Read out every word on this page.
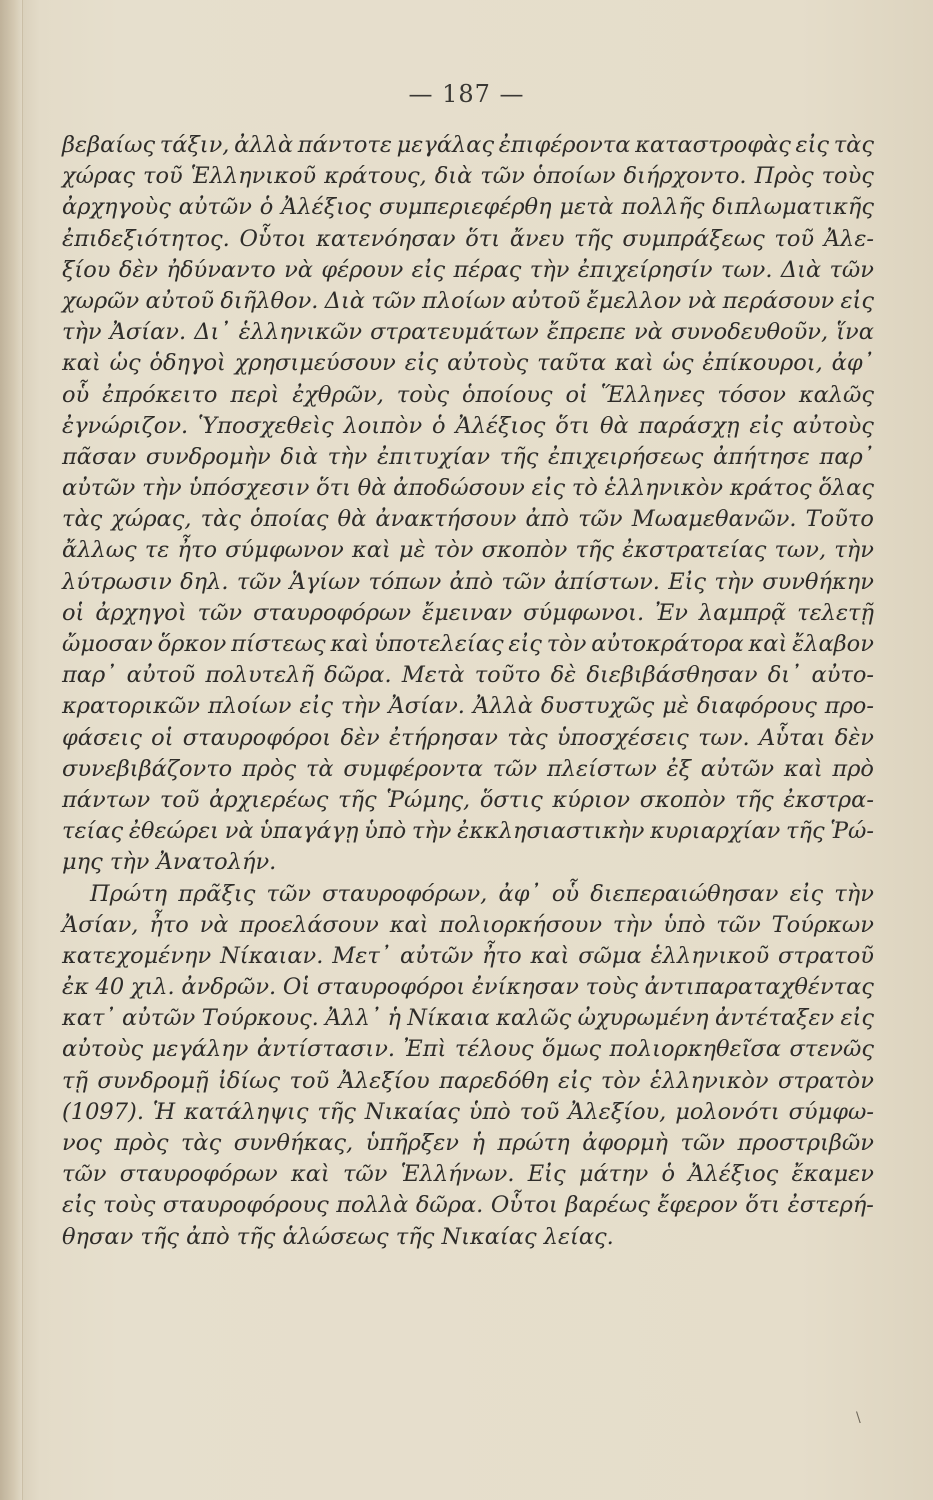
— 187 —
βεβαίως τάξιν, ἀλλὰ πάντοτε μεγάλας ἐπιφέροντα καταστροφὰς εἰς τὰς
χώρας τοῦ Ἑλληνικοῦ κράτους, διὰ τῶν ὁποίων διήρχοντο. Πρὸς τοὺς
ἀρχηγοὺς αὐτῶν ὁ Ἀλέξιος συμπεριεφέρθη μετὰ πολλῆς διπλωματικῆς
ἐπιδεξιότητος. Οὗτοι κατενόησαν ὅτι ἄνευ τῆς συμπράξεως τοῦ Ἀλε-
ξίου δὲν ἠδύναντο νὰ φέρουν εἰς πέρας τὴν ἐπιχείρησίν των. Διὰ τῶν
χωρῶν αὐτοῦ διῆλθον. Διὰ τῶν πλοίων αὐτοῦ ἔμελλον νὰ περάσουν εἰς
τὴν Ἀσίαν. Δι᾿ ἑλληνικῶν στρατευμάτων ἔπρεπε νὰ συνοδευθοῦν, ἵνα
καὶ ὡς ὁδηγοὶ χρησιμεύσουν εἰς αὐτοὺς ταῦτα καὶ ὡς ἐπίκουροι, ἀφ᾿
οὗ ἐπρόκειτο περὶ ἐχθρῶν, τοὺς ὁποίους οἱ Ἕλληνες τόσον καλῶς
ἐγνώριζον. Ὑποσχεθεὶς λοιπὸν ὁ Ἀλέξιος ὅτι θὰ παράσχῃ εἰς αὐτοὺς
πᾶσαν συνδρομὴν διὰ τὴν ἐπιτυχίαν τῆς ἐπιχειρήσεως ἀπήτησε παρ᾿
αὐτῶν τὴν ὑπόσχεσιν ὅτι θὰ ἀποδώσουν εἰς τὸ ἑλληνικὸν κράτος ὅλας
τὰς χώρας, τὰς ὁποίας θὰ ἀνακτήσουν ἀπὸ τῶν Μωαμεθανῶν. Τοῦτο
ἄλλως τε ἦτο σύμφωνον καὶ μὲ τὸν σκοπὸν τῆς ἐκστρατείας των, τὴν
λύτρωσιν δηλ. τῶν Ἁγίων τόπων ἀπὸ τῶν ἀπίστων. Εἰς τὴν συνθήκην
οἱ ἀρχηγοὶ τῶν σταυροφόρων ἔμειναν σύμφωνοι. Ἐν λαμπρᾷ τελετῇ
ὤμοσαν ὅρκον πίστεως καὶ ὑποτελείας εἰς τὸν αὐτοκράτορα καὶ ἔλαβον
παρ᾿ αὐτοῦ πολυτελῆ δῶρα. Μετὰ τοῦτο δὲ διεβιβάσθησαν δι᾿ αὐτο-
κρατορικῶν πλοίων εἰς τὴν Ἀσίαν. Ἀλλὰ δυστυχῶς μὲ διαφόρους προ-
φάσεις οἱ σταυροφόροι δὲν ἐτήρησαν τὰς ὑποσχέσεις των. Αὗται δὲν
συνεβιβάζοντο πρὸς τὰ συμφέροντα τῶν πλείστων ἐξ αὐτῶν καὶ πρὸ
πάντων τοῦ ἀρχιερέως τῆς Ῥώμης, ὅστις κύριον σκοπὸν τῆς ἐκστρα-
τείας ἐθεώρει νὰ ὑπαγάγῃ ὑπὸ τὴν ἐκκλησιαστικὴν κυριαρχίαν τῆς Ῥώ-
μης τὴν Ἀνατολήν.
Πρώτη πρᾶξις τῶν σταυροφόρων, ἀφ᾿ οὗ διεπεραιώθησαν εἰς τὴν
Ἀσίαν, ἦτο νὰ προελάσουν καὶ πολιορκήσουν τὴν ὑπὸ τῶν Τούρκων
κατεχομένην Νίκαιαν. Μετ᾿ αὐτῶν ἦτο καὶ σῶμα ἑλληνικοῦ στρατοῦ
ἐκ 40 χιλ. ἀνδρῶν. Οἱ σταυροφόροι ἐνίκησαν τοὺς ἀντιπαραταχθέντας
κατ᾿ αὐτῶν Τούρκους. Ἀλλ᾿ ἡ Νίκαια καλῶς ὠχυρωμένη ἀντέταξεν εἰς
αὐτοὺς μεγάλην ἀντίστασιν. Ἐπὶ τέλους ὅμως πολιορκηθεῖσα στενῶς
τῇ συνδρομῇ ἰδίως τοῦ Ἀλεξίου παρεδόθη εἰς τὸν ἑλληνικὸν στρατὸν
(1097). Ἡ κατάληψις τῆς Νικαίας ὑπὸ τοῦ Ἀλεξίου, μολονότι σύμφω-
νος πρὸς τὰς συνθήκας, ὑπῆρξεν ἡ πρώτη ἀφορμὴ τῶν προστριβῶν
τῶν σταυροφόρων καὶ τῶν Ἑλλήνων. Εἰς μάτην ὁ Ἀλέξιος ἔκαμεν
εἰς τοὺς σταυροφόρους πολλὰ δῶρα. Οὗτοι βαρέως ἔφερον ὅτι ἐστερή-
θησαν τῆς ἀπὸ τῆς ἁλώσεως τῆς Νικαίας λείας.
\
